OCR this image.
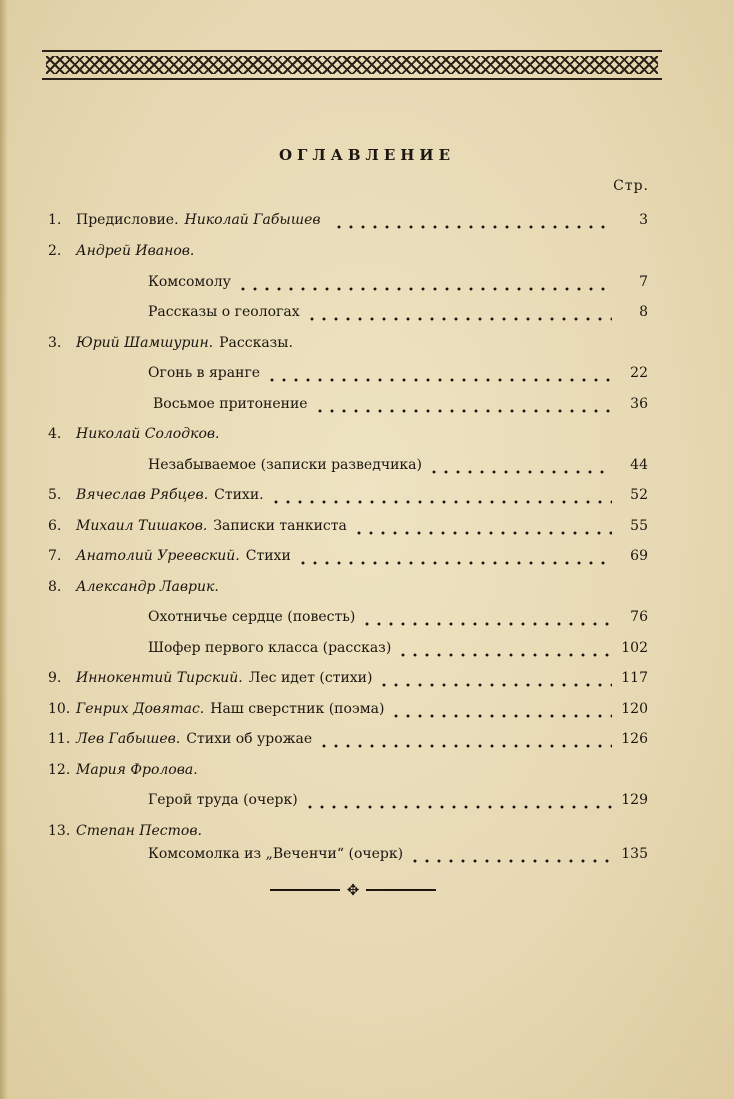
ОГЛАВЛЕНИЕ
Стр.
1.	Предисловие. Николай Габышев	3
2.	Андрей Иванов.
Комсомолу	7
Рассказы о геологах	8
3.	Юрий Шамшурин. Рассказы.
Огонь в яранге	22
Восьмое притонение	36
4.	Николай Солодков.
Незабываемое (записки разведчика)	44
5.	Вячеслав Рябцев. Стихи.	52
6.	Михаил Тишаков. Записки танкиста	55
7.	Анатолий Уреевский. Стихи	69
8.	Александр Лаврик.
Охотничье сердце (повесть)	76
Шофер первого класса (рассказ)	102
9.	Иннокентий Тирский. Лес идет (стихи)	117
10. Генрих Довятас. Наш сверстник (поэма)	120
11. Лев Габышев. Стихи об урожае	126
12. Мария Фролова.
Герой труда (очерк)	129
13. Степан Пестов.
Комсомолка из „Веченчи“ (очерк)	135
✥
